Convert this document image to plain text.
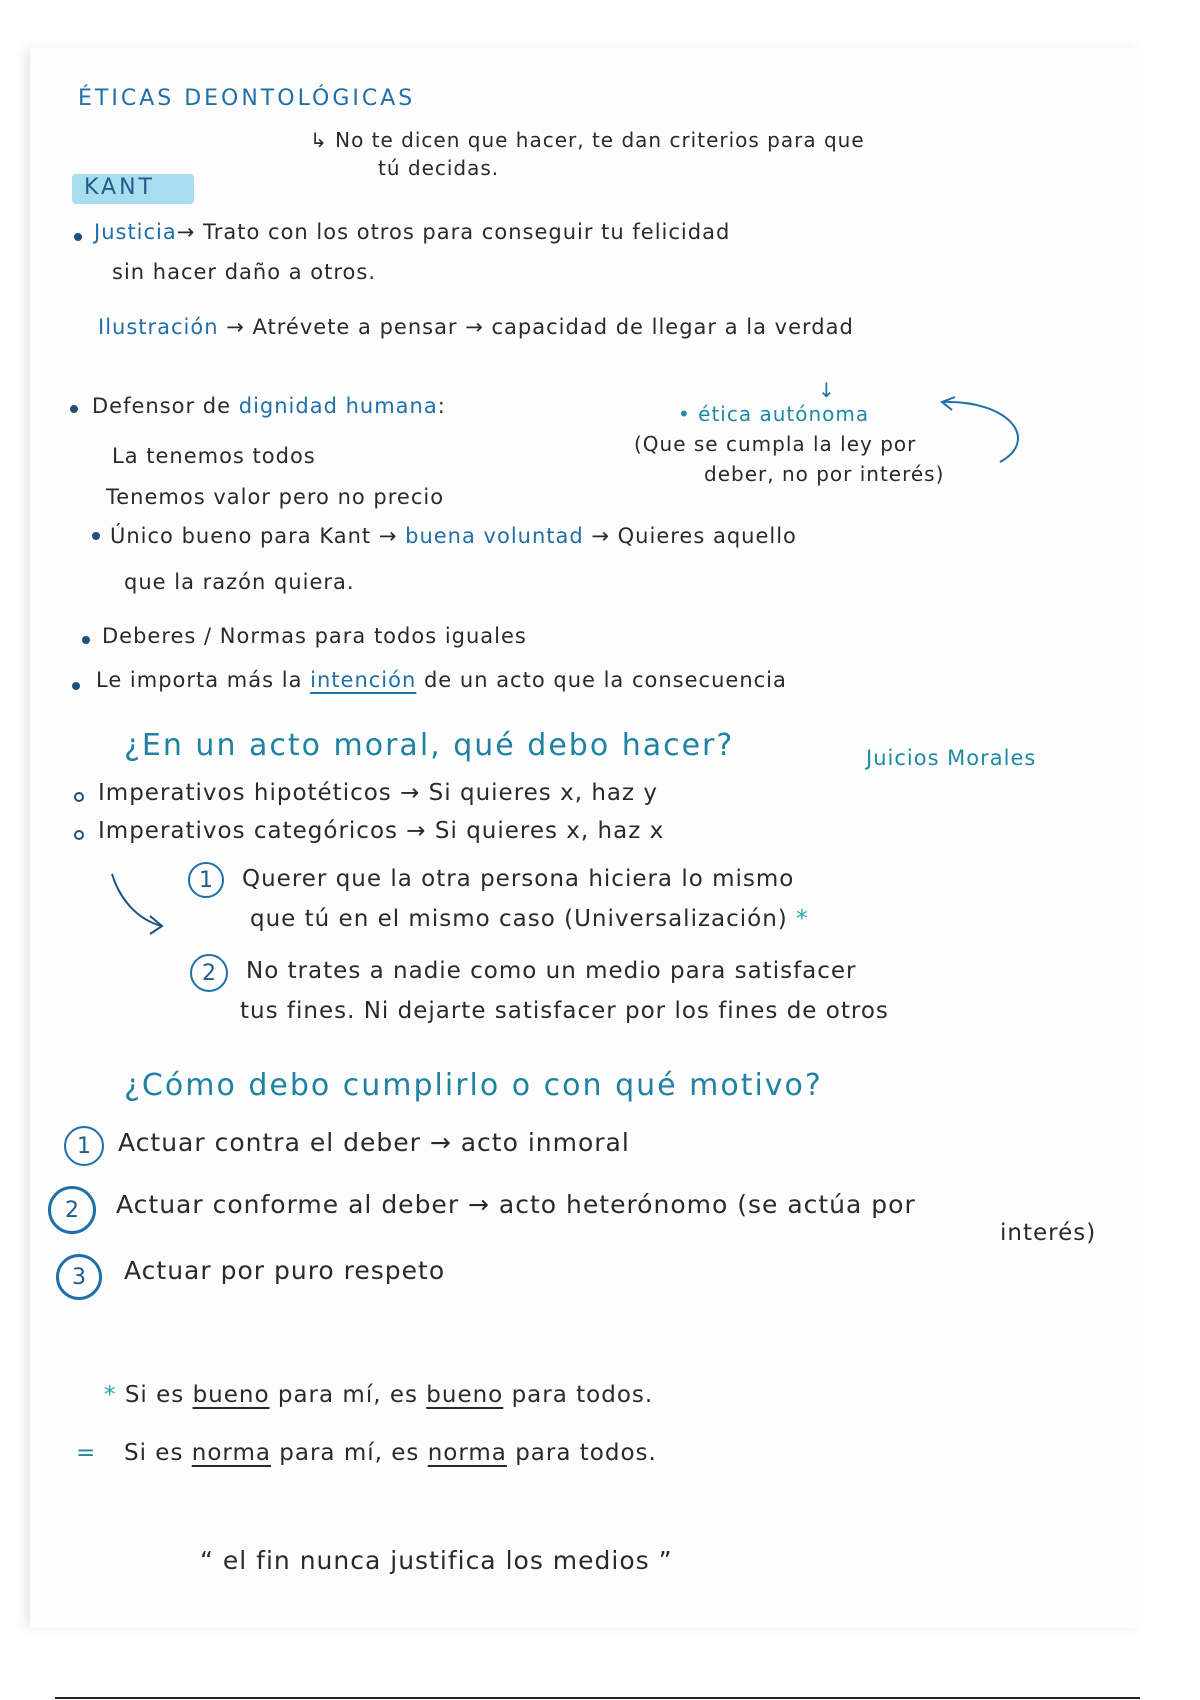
ÉTICAS DEONTOLÓGICAS
↳ No te dicen que hacer, te dan criterios para que
tú decidas.
KANT
Justicia→ Trato con los otros para conseguir tu felicidad
sin hacer daño a otros.
Ilustración → Atrévete a pensar → capacidad de llegar a la verdad
↓
Defensor de dignidad humana:
La tenemos todos
Tenemos valor pero no precio
• ética autónoma
(Que se cumpla la ley por
deber, no por interés)
Único bueno para Kant → buena voluntad → Quieres aquello
que la razón quiera.
Deberes / Normas para todos iguales
Le importa más la intención de un acto que la consecuencia
¿En un acto moral, qué debo hacer?	Juicios Morales
Imperativos hipotéticos → Si quieres x, haz y
Imperativos categóricos → Si quieres x, haz x
1	Querer que la otra persona hiciera lo mismo
que tú en el mismo caso (Universalización) *
2	No trates a nadie como un medio para satisfacer
tus fines. Ni dejarte satisfacer por los fines de otros
¿Cómo debo cumplirlo o con qué motivo?
1	Actuar contra el deber → acto inmoral
2	Actuar conforme al deber → acto heterónomo (se actúa por
interés)
3	Actuar por puro respeto
* Si es bueno para mí, es bueno para todos.
= Si es norma para mí, es norma para todos.
“ el fin nunca justifica los medios ”
